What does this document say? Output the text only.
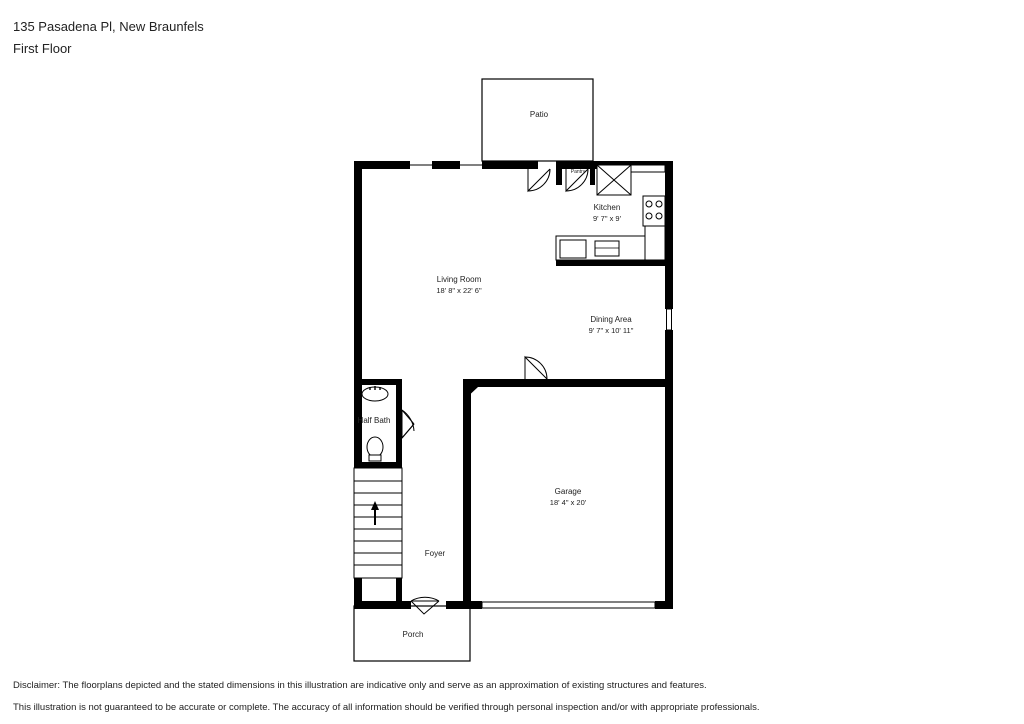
135 Pasadena Pl, New Braunfels
First Floor
Patio
Pantry
Kitchen
9' 7" x 9'
Living Room
18' 8" x 22' 6"
Dining Area
9' 7" x 10' 11"
Half Bath
Garage
18' 4" x 20'
Foyer
Porch
Disclaimer: The floorplans depicted and the stated dimensions in this illustration are indicative only and serve as an approximation of existing structures and features.
This illustration is not guaranteed to be accurate or complete. The accuracy of all information should be verified through personal inspection and/or with appropriate professionals.
